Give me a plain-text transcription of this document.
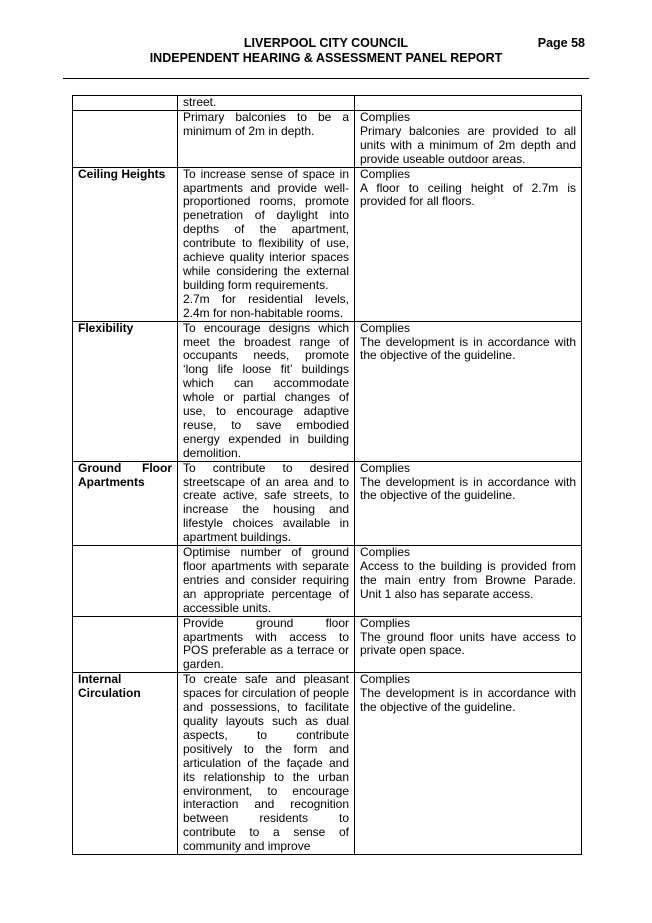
LIVERPOOL CITY COUNCIL	Page 58
INDEPENDENT HEARING & ASSESSMENT PANEL REPORT
	street.	
	Primary balconies to be a minimum of 2m in depth.	Complies
Primary balconies are provided to all units with a minimum of 2m depth and provide useable outdoor areas.
Ceiling Heights	To increase sense of space in apartments and provide well-proportioned rooms, promote penetration of daylight into depths of the apartment, contribute to flexibility of use, achieve quality interior spaces while considering the external building form requirements.
2.7m for residential levels, 2.4m for non-habitable rooms.	Complies
A floor to ceiling height of 2.7m is provided for all floors.
Flexibility	To encourage designs which meet the broadest range of occupants needs, promote ‘long life loose fit’ buildings which can accommodate whole or partial changes of use, to encourage adaptive reuse, to save embodied energy expended in building demolition.	Complies
The development is in accordance with the objective of the guideline.
Ground Floor Apartments	To contribute to desired streetscape of an area and to create active, safe streets, to increase the housing and lifestyle choices available in apartment buildings.	Complies
The development is in accordance with the objective of the guideline.
	Optimise number of ground floor apartments with separate entries and consider requiring an appropriate percentage of accessible units.	Complies
Access to the building is provided from the main entry from Browne Parade. Unit 1 also has separate access.
	Provide ground floor apartments with access to POS preferable as a terrace or garden.	Complies
The ground floor units have access to private open space.
Internal Circulation	To create safe and pleasant spaces for circulation of people and possessions, to facilitate quality layouts such as dual aspects, to contribute positively to the form and articulation of the façade and its relationship to the urban environment, to encourage interaction and recognition between residents to contribute to a sense of community and improve	Complies
The development is in accordance with the objective of the guideline.
